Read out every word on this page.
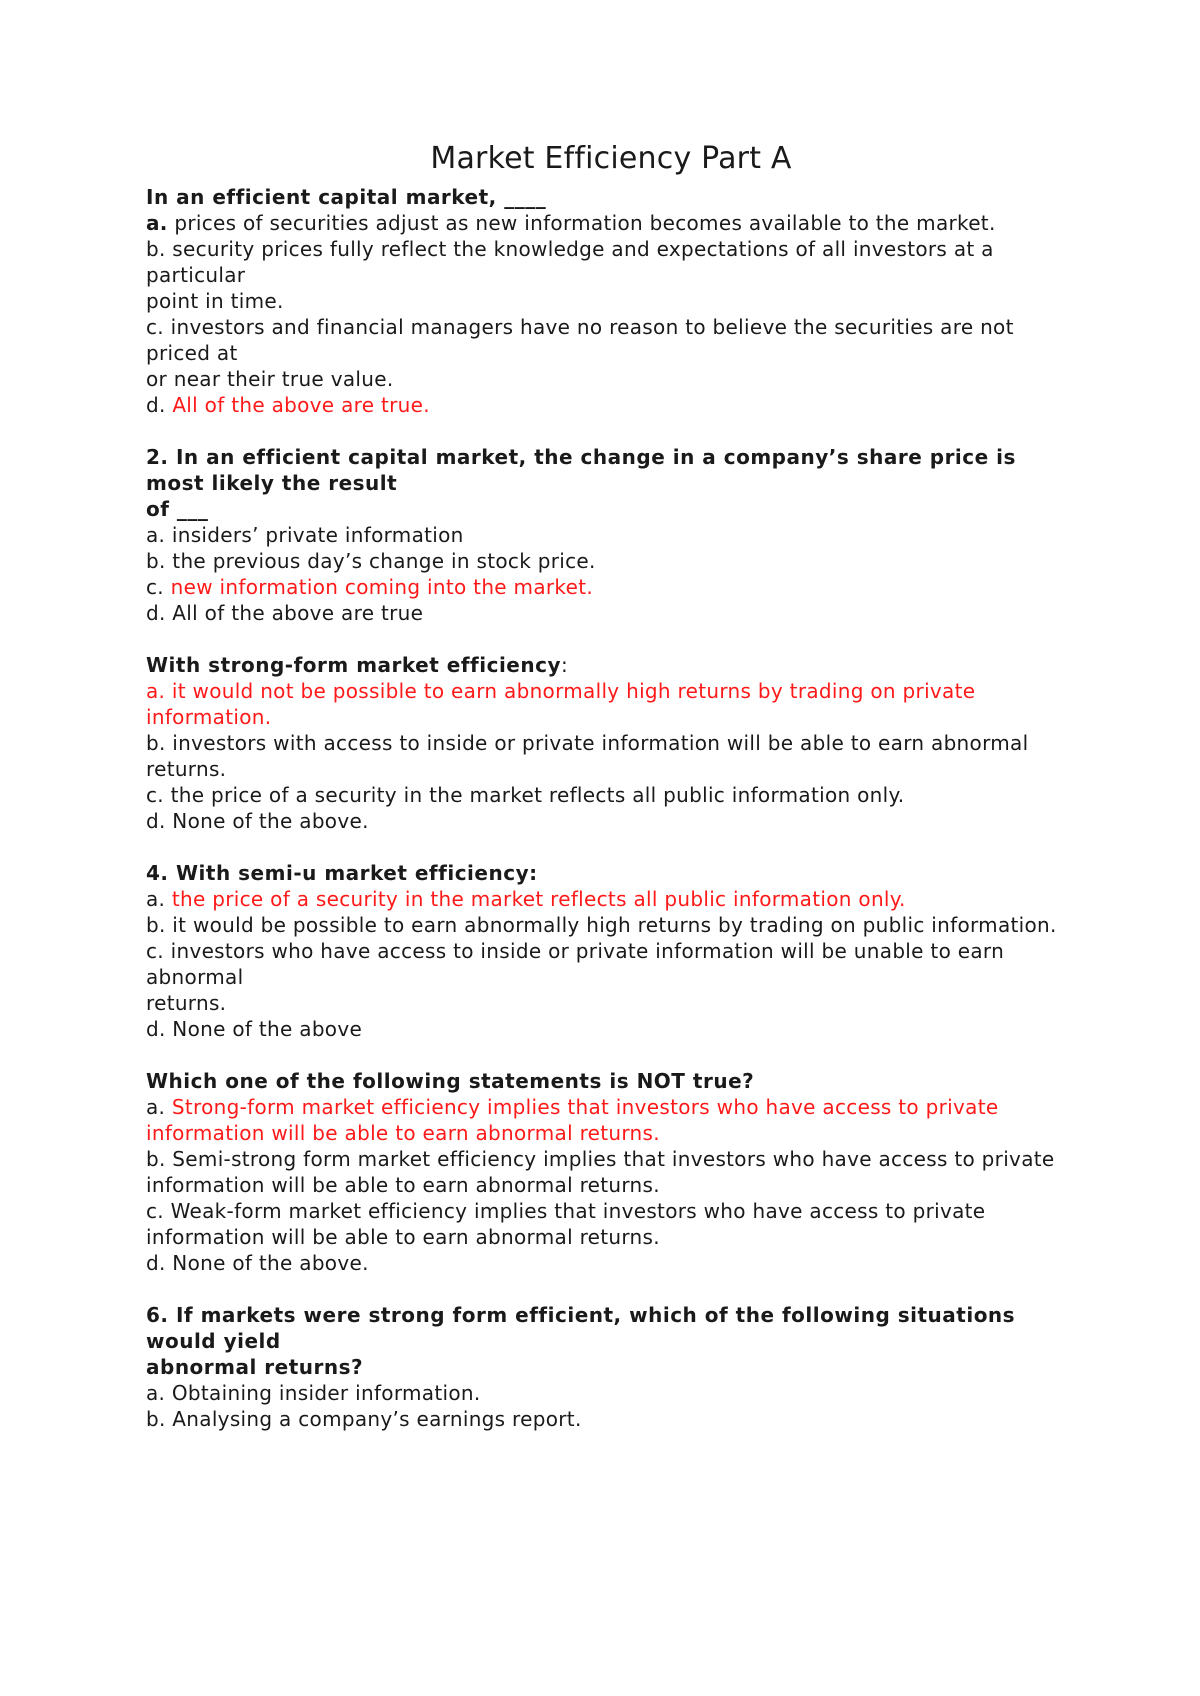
Market Efficiency Part A
In an efficient capital market, ____
a. prices of securities adjust as new information becomes available to the market.
b. security prices fully reflect the knowledge and expectations of all investors at a particular
point in time.
c. investors and financial managers have no reason to believe the securities are not priced at
or near their true value.
d. All of the above are true.
2. In an efficient capital market, the change in a company’s share price is most likely the result
of ___
a. insiders’ private information
b. the previous day’s change in stock price.
c. new information coming into the market.
d. All of the above are true
With strong-form market efficiency:
a. it would not be possible to earn abnormally high returns by trading on private information.
b. investors with access to inside or private information will be able to earn abnormal returns.
c. the price of a security in the market reflects all public information only.
d. None of the above.
4. With semi-u market efficiency:
a. the price of a security in the market reflects all public information only.
b. it would be possible to earn abnormally high returns by trading on public information.
c. investors who have access to inside or private information will be unable to earn abnormal
returns.
d. None of the above
Which one of the following statements is NOT true?
a. Strong-form market efficiency implies that investors who have access to private
information will be able to earn abnormal returns.
b. Semi-strong form market efficiency implies that investors who have access to private
information will be able to earn abnormal returns.
c. Weak-form market efficiency implies that investors who have access to private information will be able to earn abnormal returns.
d. None of the above.
6. If markets were strong form efficient, which of the following situations would yield
abnormal returns?
a. Obtaining insider information.
b. Analysing a company’s earnings report.
